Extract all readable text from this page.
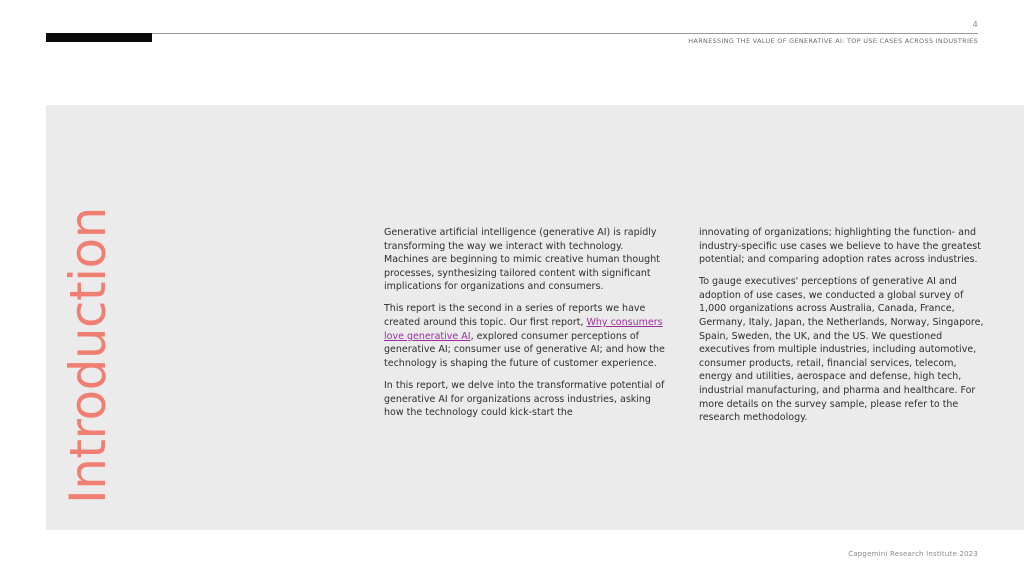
4
HARNESSING THE VALUE OF GENERATIVE AI: TOP USE CASES ACROSS INDUSTRIES
Introduction	Generative artificial intelligence (generative AI) is rapidly transforming the way we interact with technology. Machines are beginning to mimic creative human thought processes, synthesizing tailored content with significant implications for organizations and consumers.

This report is the second in a series of reports we have created around this topic. Our first report, Why consumers love generative AI, explored consumer perceptions of generative AI; consumer use of generative AI; and how the technology is shaping the future of customer experience.

In this report, we delve into the transformative potential of generative AI for organizations across industries, asking how the technology could kick-start the

innovating of organizations; highlighting the function- and industry-specific use cases we believe to have the greatest potential; and comparing adoption rates across industries.

To gauge executives' perceptions of generative AI and adoption of use cases, we conducted a global survey of 1,000 organizations across Australia, Canada, France, Germany, Italy, Japan, the Netherlands, Norway, Singapore, Spain, Sweden, the UK, and the US. We questioned executives from multiple industries, including automotive, consumer products, retail, financial services, telecom, energy and utilities, aerospace and defense, high tech, industrial manufacturing, and pharma and healthcare. For more details on the survey sample, please refer to the research methodology.

Capgemini Research Institute 2023
